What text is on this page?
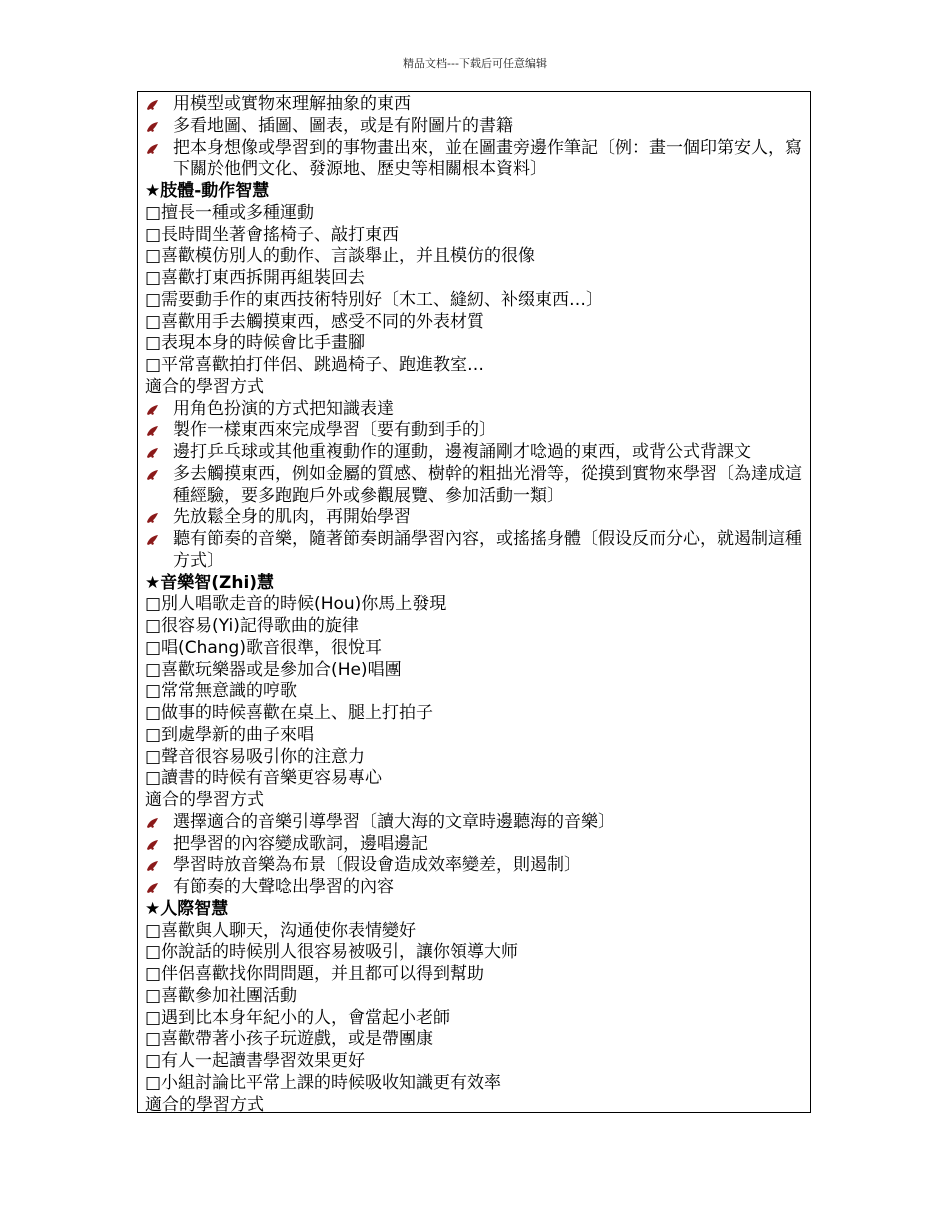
精品文档---下载后可任意编辑
用模型或實物來理解抽象的東西
多看地圖、插圖、圖表，或是有附圖片的書籍
把本身想像或學習到的事物畫出來，並在圖畫旁邊作筆記〔例：畫一個印第安人，寫下關於他們文化、發源地、歷史等相關根本資料〕
★肢體-動作智慧
□擅長一種或多種運動
□長時間坐著會搖椅子、敲打東西
□喜歡模仿別人的動作、言談舉止，并且模仿的很像
□喜歡打東西拆開再組裝回去
□需要動手作的東西技術特別好〔木工、縫紉、补缀東西…〕
□喜歡用手去觸摸東西，感受不同的外表材質
□表現本身的時候會比手畫腳
□平常喜歡拍打伴侶、跳過椅子、跑進教室…
適合的學習方式
用角色扮演的方式把知識表達
製作一樣東西來完成學習〔要有動到手的〕
邊打乒乓球或其他重複動作的運動，邊複誦剛才唸過的東西，或背公式背課文
多去觸摸東西，例如金屬的質感、樹幹的粗拙光滑等，從摸到實物來學習〔為達成這種經驗，要多跑跑戶外或參觀展覽、參加活動一類〕
先放鬆全身的肌肉，再開始學習
聽有節奏的音樂，隨著節奏朗誦學習內容，或搖搖身體〔假设反而分心，就遏制這種方式〕
★音樂智(Zhi)慧
□別人唱歌走音的時候(Hou)你馬上發現
□很容易(Yi)記得歌曲的旋律
□唱(Chang)歌音很準，很悅耳
□喜歡玩樂器或是參加合(He)唱團
□常常無意識的哼歌
□做事的時候喜歡在桌上、腿上打拍子
□到處學新的曲子來唱
□聲音很容易吸引你的注意力
□讀書的時候有音樂更容易專心
適合的學習方式
選擇適合的音樂引導學習〔讀大海的文章時邊聽海的音樂〕
把學習的內容變成歌詞，邊唱邊記
學習時放音樂為布景〔假设會造成效率變差，則遏制〕
有節奏的大聲唸出學習的內容
★人際智慧
□喜歡與人聊天，沟通使你表情變好
□你說話的時候別人很容易被吸引，讓你領導大师
□伴侶喜歡找你問問題，并且都可以得到幫助
□喜歡參加社團活動
□遇到比本身年紀小的人，會當起小老師
□喜歡帶著小孩子玩遊戲，或是帶團康
□有人一起讀書學習效果更好
□小組討論比平常上課的時候吸收知識更有效率
適合的學習方式
